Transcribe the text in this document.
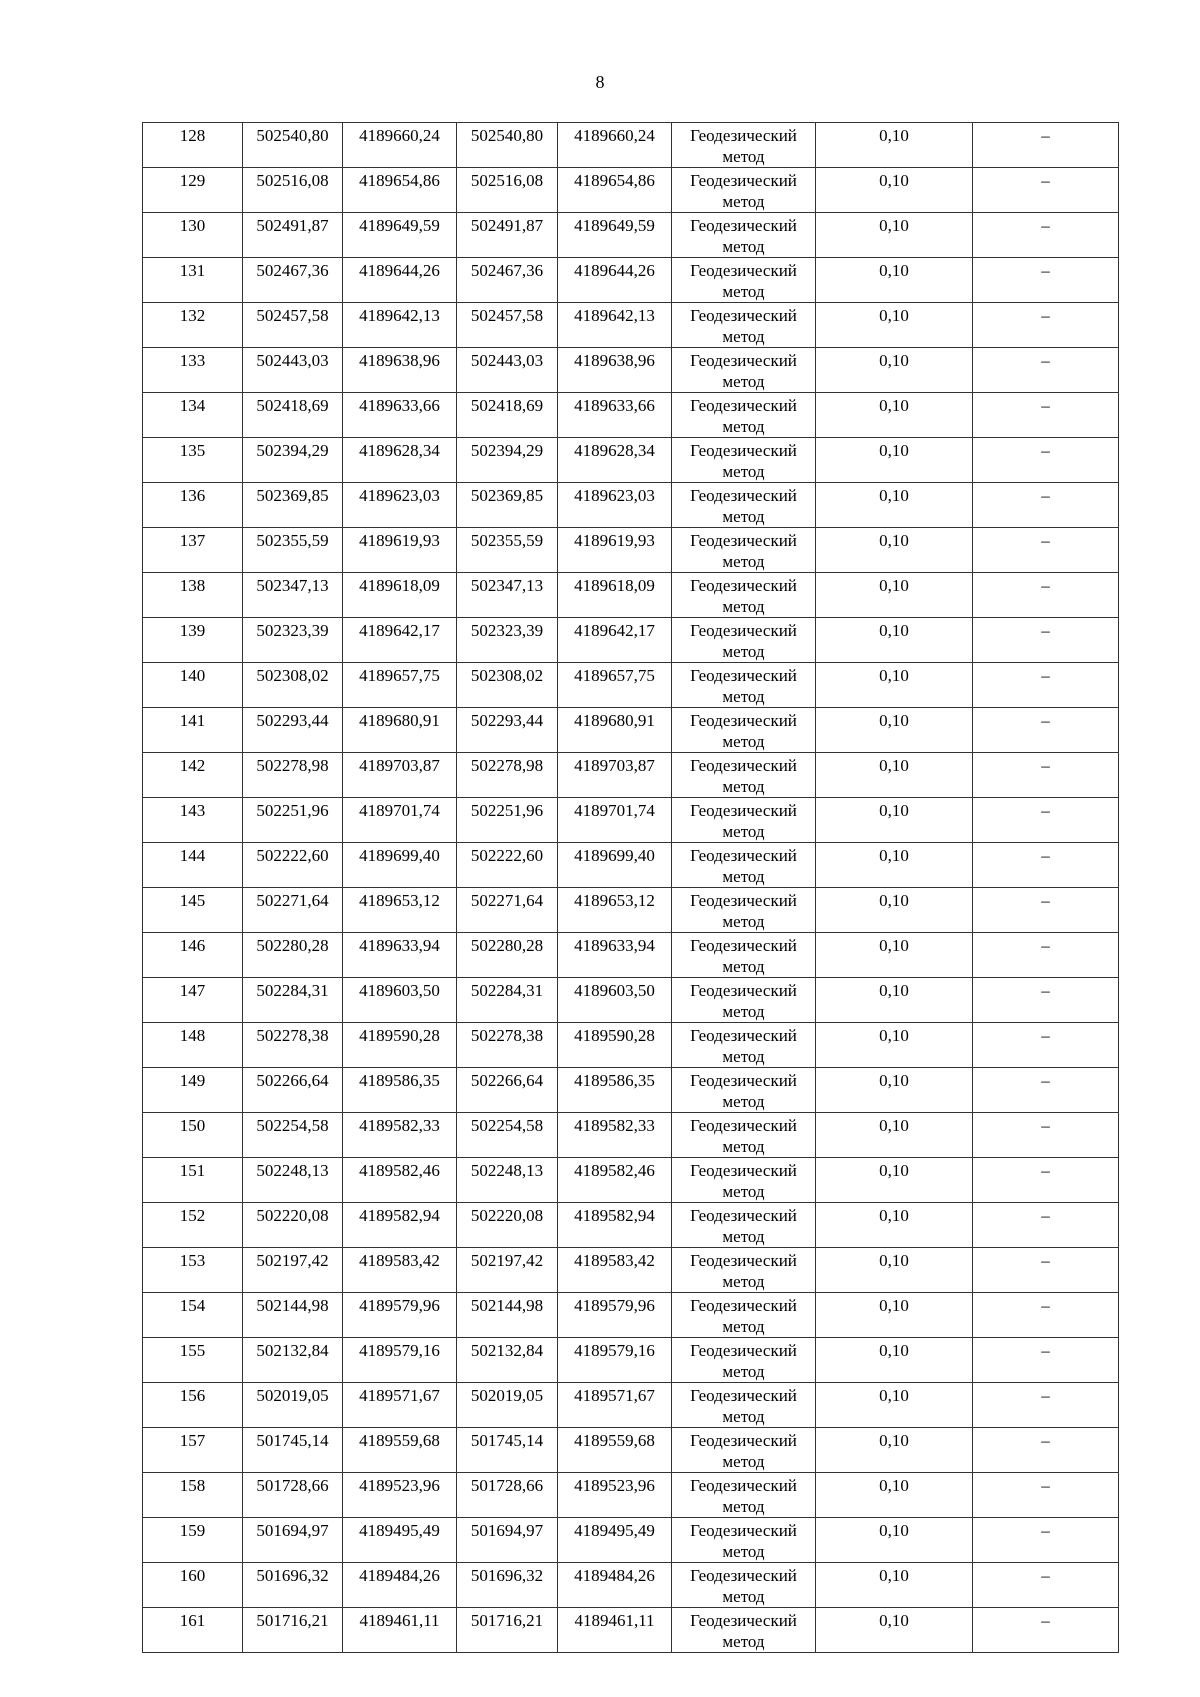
8
128	502540,80	4189660,24	502540,80	4189660,24	Геодезический метод	0,10	–

129	502516,08	4189654,86	502516,08	4189654,86	Геодезический метод	0,10	–

130	502491,87	4189649,59	502491,87	4189649,59	Геодезический метод	0,10	–

131	502467,36	4189644,26	502467,36	4189644,26	Геодезический метод	0,10	–

132	502457,58	4189642,13	502457,58	4189642,13	Геодезический метод	0,10	–

133	502443,03	4189638,96	502443,03	4189638,96	Геодезический метод	0,10	–

134	502418,69	4189633,66	502418,69	4189633,66	Геодезический метод	0,10	–

135	502394,29	4189628,34	502394,29	4189628,34	Геодезический метод	0,10	–

136	502369,85	4189623,03	502369,85	4189623,03	Геодезический метод	0,10	–

137	502355,59	4189619,93	502355,59	4189619,93	Геодезический метод	0,10	–

138	502347,13	4189618,09	502347,13	4189618,09	Геодезический метод	0,10	–

139	502323,39	4189642,17	502323,39	4189642,17	Геодезический метод	0,10	–

140	502308,02	4189657,75	502308,02	4189657,75	Геодезический метод	0,10	–

141	502293,44	4189680,91	502293,44	4189680,91	Геодезический метод	0,10	–

142	502278,98	4189703,87	502278,98	4189703,87	Геодезический метод	0,10	–

143	502251,96	4189701,74	502251,96	4189701,74	Геодезический метод	0,10	–

144	502222,60	4189699,40	502222,60	4189699,40	Геодезический метод	0,10	–

145	502271,64	4189653,12	502271,64	4189653,12	Геодезический метод	0,10	–

146	502280,28	4189633,94	502280,28	4189633,94	Геодезический метод	0,10	–

147	502284,31	4189603,50	502284,31	4189603,50	Геодезический метод	0,10	–

148	502278,38	4189590,28	502278,38	4189590,28	Геодезический метод	0,10	–

149	502266,64	4189586,35	502266,64	4189586,35	Геодезический метод	0,10	–

150	502254,58	4189582,33	502254,58	4189582,33	Геодезический метод	0,10	–

151	502248,13	4189582,46	502248,13	4189582,46	Геодезический метод	0,10	–

152	502220,08	4189582,94	502220,08	4189582,94	Геодезический метод	0,10	–

153	502197,42	4189583,42	502197,42	4189583,42	Геодезический метод	0,10	–

154	502144,98	4189579,96	502144,98	4189579,96	Геодезический метод	0,10	–

155	502132,84	4189579,16	502132,84	4189579,16	Геодезический метод	0,10	–

156	502019,05	4189571,67	502019,05	4189571,67	Геодезический метод	0,10	–

157	501745,14	4189559,68	501745,14	4189559,68	Геодезический метод	0,10	–

158	501728,66	4189523,96	501728,66	4189523,96	Геодезический метод	0,10	–

159	501694,97	4189495,49	501694,97	4189495,49	Геодезический метод	0,10	–

160	501696,32	4189484,26	501696,32	4189484,26	Геодезический метод	0,10	–

161	501716,21	4189461,11	501716,21	4189461,11	Геодезический метод	0,10	–
